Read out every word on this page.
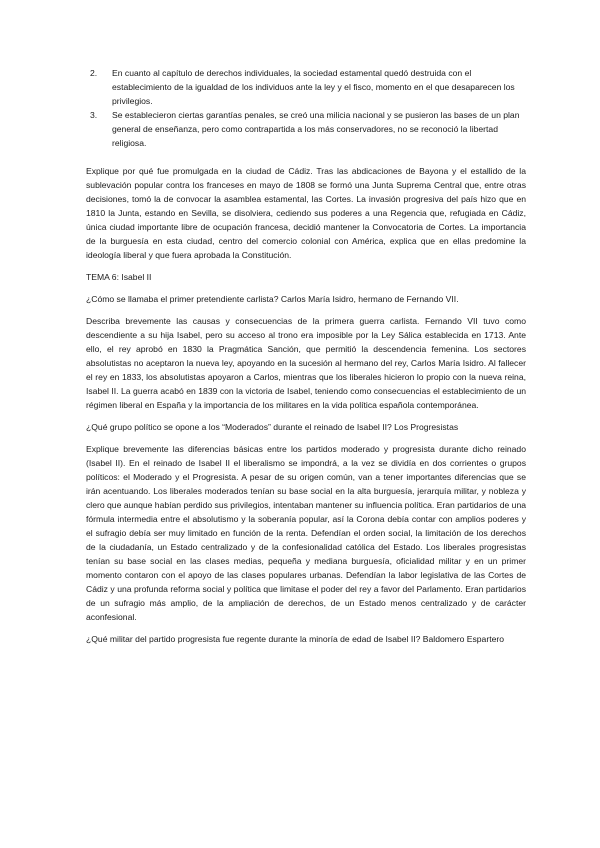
2.	En cuanto al capítulo de derechos individuales, la sociedad estamental quedó destruida con el establecimiento de la igualdad de los individuos ante la ley y el fisco, momento en el que desaparecen los privilegios.
3.	Se establecieron ciertas garantías penales, se creó una milicia nacional y se pusieron las bases de un plan general de enseñanza, pero como contrapartida a los más conservadores, no se reconoció la libertad religiosa.

Explique por qué fue promulgada en la ciudad de Cádiz. Tras las abdicaciones de Bayona y el estallido de la sublevación popular contra los franceses en mayo de 1808 se formó una Junta Suprema Central que, entre otras decisiones, tomó la de convocar la asamblea estamental, las Cortes. La invasión progresiva del país hizo que en 1810 la Junta, estando en Sevilla, se disolviera, cediendo sus poderes a una Regencia que, refugiada en Cádiz, única ciudad importante libre de ocupación francesa, decidió mantener la Convocatoria de Cortes. La importancia de la burguesía en esta ciudad, centro del comercio colonial con América, explica que en ellas predomine la ideología liberal y que fuera aprobada la Constitución.

TEMA 6: Isabel II

¿Cómo se llamaba el primer pretendiente carlista? Carlos María Isidro, hermano de Fernando VII.

Describa brevemente las causas y consecuencias de la primera guerra carlista. Fernando VII tuvo como descendiente a su hija Isabel, pero su acceso al trono era imposible por la Ley Sálica establecida en 1713. Ante ello, el rey aprobó en 1830 la Pragmática Sanción, que permitió la descendencia femenina. Los sectores absolutistas no aceptaron la nueva ley, apoyando en la sucesión al hermano del rey, Carlos María Isidro. Al fallecer el rey en 1833, los absolutistas apoyaron a Carlos, mientras que los liberales hicieron lo propio con la nueva reina, Isabel II. La guerra acabó en 1839 con la victoria de Isabel, teniendo como consecuencias el establecimiento de un régimen liberal en España y la importancia de los militares en la vida política española contemporánea.

¿Qué grupo político se opone a los “Moderados” durante el reinado de Isabel II? Los Progresistas

Explique brevemente las diferencias básicas entre los partidos moderado y progresista durante dicho reinado (Isabel II). En el reinado de Isabel II el liberalismo se impondrá, a la vez se dividía en dos corrientes o grupos políticos: el Moderado y el Progresista. A pesar de su origen común, van a tener importantes diferencias que se irán acentuando. Los liberales moderados tenían su base social en la alta burguesía, jerarquía militar, y nobleza y clero que aunque habían perdido sus privilegios, intentaban mantener su influencia política. Eran partidarios de una fórmula intermedia entre el absolutismo y la soberanía popular, así la Corona debía contar con amplios poderes y el sufragio debía ser muy limitado en función de la renta. Defendían el orden social, la limitación de los derechos de la ciudadanía, un Estado centralizado y de la confesionalidad católica del Estado. Los liberales progresistas tenían su base social en las clases medias, pequeña y mediana burguesía, oficialidad militar y en un primer momento contaron con el apoyo de las clases populares urbanas. Defendían la labor legislativa de las Cortes de Cádiz y una profunda reforma social y política que limitase el poder del rey a favor del Parlamento. Eran partidarios de un sufragio más amplio, de la ampliación de derechos, de un Estado menos centralizado y de carácter aconfesional.

¿Qué militar del partido progresista fue regente durante la minoría de edad de Isabel II? Baldomero Espartero
